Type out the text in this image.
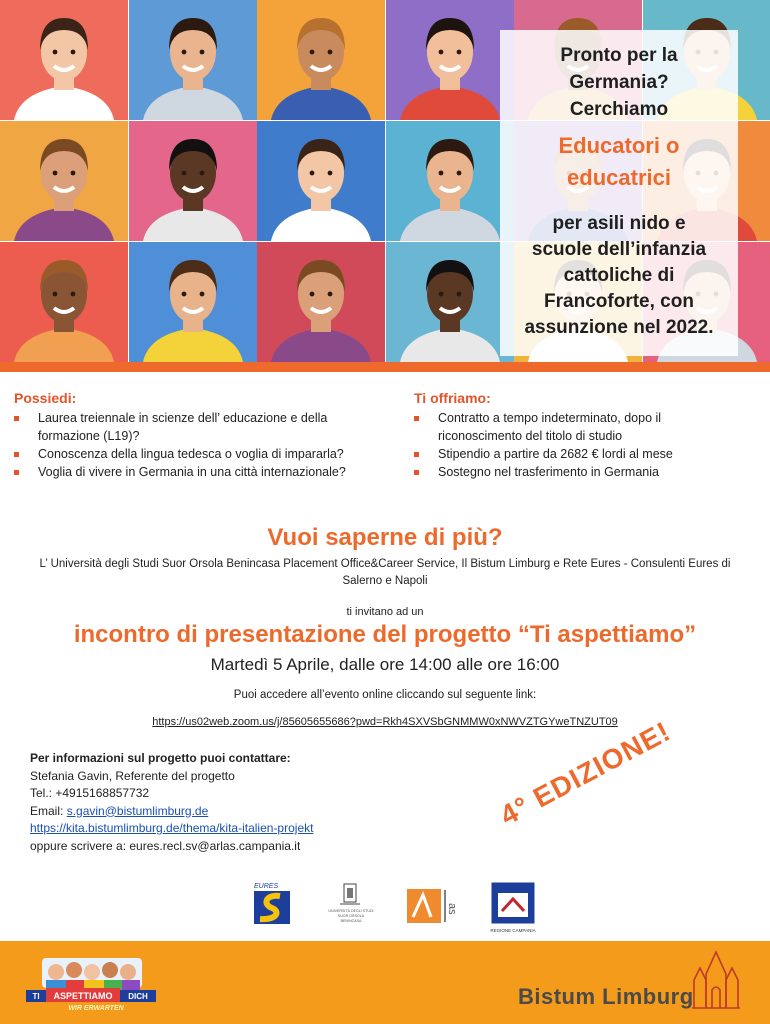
Pronto per la
Germania?
Cerchiamo
Educatori o
educatrici
per asili nido e
scuole dell’infanzia
cattoliche di
Francoforte, con
assunzione nel 2022.
Possiedi:
Laurea treiennale in scienze dell’ educazione e della formazione (L19)?
Conoscenza della lingua tedesca o voglia di impararla?
Voglia di vivere in Germania in una città internazionale?
Ti offriamo:
Contratto a tempo indeterminato, dopo il riconoscimento del titolo di studio
Stipendio a partire da 2682 € lordi al mese
Sostegno nel trasferimento in Germania
Vuoi saperne di più?
L’ Università degli Studi Suor Orsola Benincasa Placement Office&Career Service, Il Bistum Limburg e Rete Eures - Consulenti Eures di Salerno e Napoli
ti invitano ad un
incontro di presentazione del progetto “Ti aspettiamo”
Martedì 5 Aprile, dalle ore 14:00 alle ore 16:00
Puoi accedere all’evento online cliccando sul seguente link:
https://us02web.zoom.us/j/85605655686?pwd=Rkh4SXVSbGNMMW0xNWVZTGYweTNZUT09
Per informazioni sul progetto puoi contattare:
Stefania Gavin, Referente del progetto
Tel.: +4915168857732
Email: s.gavin@bistumlimburg.de
https://kita.bistumlimburg.de/thema/kita-italien-projekt
oppure scrivere a: eures.recl.sv@arlas.campania.it
4° EDIZIONE!
EURES
UNIVERSITÀ DEGLI STUDI
SUOR ORSOLA
BENINCASA
as
REGIONE CAMPANIA
TI ASPETTIAMO DICH
WIR ERWARTEN	Bistum Limburg
